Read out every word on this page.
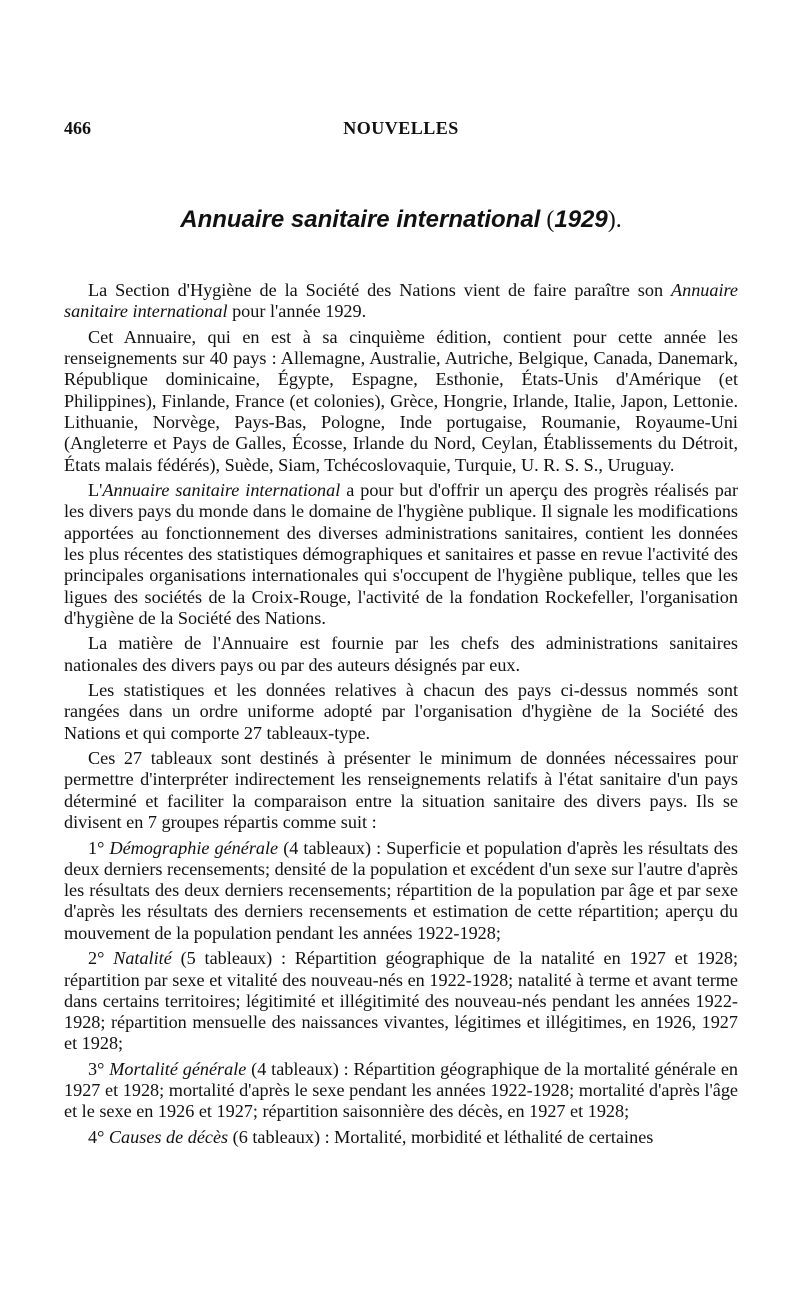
466	NOUVELLES
Annuaire sanitaire international (1929).

La Section d'Hygiène de la Société des Nations vient de faire paraître son Annuaire sanitaire international pour l'année 1929.

Cet Annuaire, qui en est à sa cinquième édition, contient pour cette année les renseignements sur 40 pays : Allemagne, Australie, Autriche, Belgique, Canada, Danemark, République dominicaine, Égypte, Espagne, Esthonie, États-Unis d'Amérique (et Philippines), Finlande, France (et colonies), Grèce, Hongrie, Irlande, Italie, Japon, Lettonie. Lithuanie, Norvège, Pays-Bas, Pologne, Inde portugaise, Roumanie, Royaume-Uni (Angleterre et Pays de Galles, Écosse, Irlande du Nord, Ceylan, Établissements du Détroit, États malais fédérés), Suède, Siam, Tchécoslovaquie, Turquie, U. R. S. S., Uruguay.

L'Annuaire sanitaire international a pour but d'offrir un aperçu des progrès réalisés par les divers pays du monde dans le domaine de l'hygiène publique. Il signale les modifications apportées au fonctionnement des diverses administrations sanitaires, contient les données les plus récentes des statistiques démographiques et sanitaires et passe en revue l'activité des principales organisations internationales qui s'occupent de l'hygiène publique, telles que les ligues des sociétés de la Croix-Rouge, l'activité de la fondation Rockefeller, l'organisation d'hygiène de la Société des Nations.

La matière de l'Annuaire est fournie par les chefs des administrations sanitaires nationales des divers pays ou par des auteurs désignés par eux.

Les statistiques et les données relatives à chacun des pays ci-dessus nommés sont rangées dans un ordre uniforme adopté par l'organisation d'hygiène de la Société des Nations et qui comporte 27 tableaux-type.

Ces 27 tableaux sont destinés à présenter le minimum de données nécessaires pour permettre d'interpréter indirectement les renseignements relatifs à l'état sanitaire d'un pays déterminé et faciliter la comparaison entre la situation sanitaire des divers pays. Ils se divisent en 7 groupes répartis comme suit :

1° Démographie générale (4 tableaux) : Superficie et population d'après les résultats des deux derniers recensements; densité de la population et excédent d'un sexe sur l'autre d'après les résultats des deux derniers recensements; répartition de la population par âge et par sexe d'après les résultats des derniers recensements et estimation de cette répartition; aperçu du mouvement de la population pendant les années 1922-1928;

2° Natalité (5 tableaux) : Répartition géographique de la natalité en 1927 et 1928; répartition par sexe et vitalité des nouveau-nés en 1922-1928; natalité à terme et avant terme dans certains territoires; légitimité et illégitimité des nouveau-nés pendant les années 1922-1928; répartition mensuelle des naissances vivantes, légitimes et illégitimes, en 1926, 1927 et 1928;

3° Mortalité générale (4 tableaux) : Répartition géographique de la mortalité générale en 1927 et 1928; mortalité d'après le sexe pendant les années 1922-1928; mortalité d'après l'âge et le sexe en 1926 et 1927; répartition saisonnière des décès, en 1927 et 1928;

4° Causes de décès (6 tableaux) : Mortalité, morbidité et léthalité de certaines
